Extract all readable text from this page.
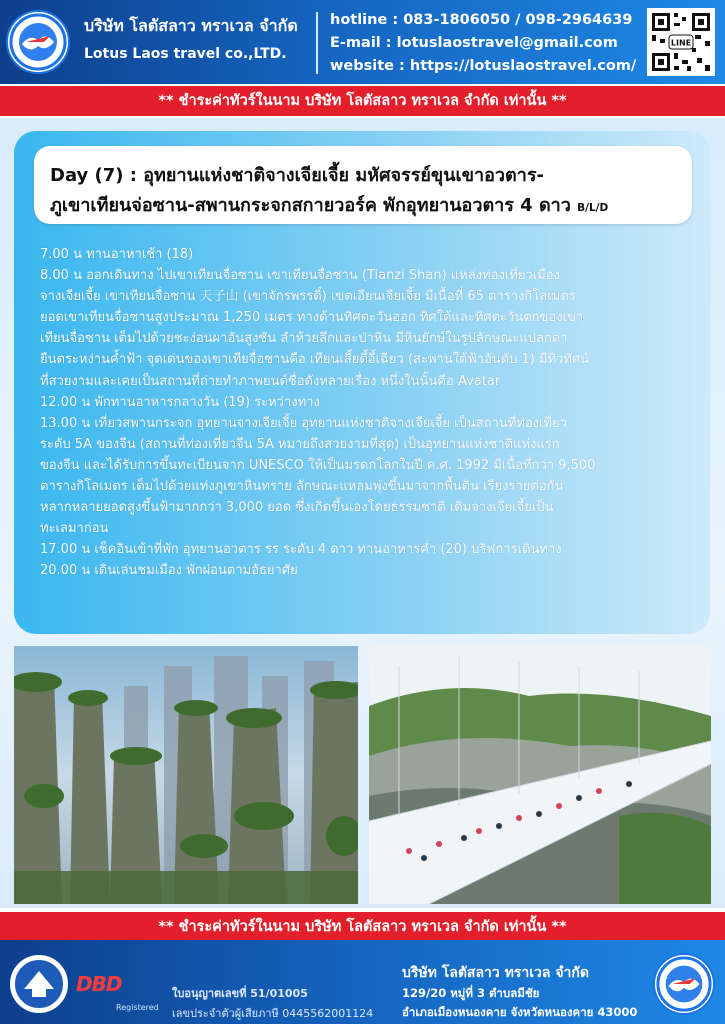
บริษัท โลตัสลาว ทราเวล จำกัด
Lotus Laos travel co.,LTD.
hotline : 083-1806050 / 098-2964639
E-mail : lotuslaostravel@gmail.com
website : https://lotuslaostravel.com/
LINE
** ชำระค่าทัวร์ในนาม บริษัท โลตัสลาว ทราเวล จำกัด เท่านั้น **
Day (7) : อุทยานแห่งชาติจางเจียเจี้ย มหัศจรรย์ขุนเขาอวตาร-
ภูเขาเทียนจ่อซาน-สพานกระจกสกายวอร์ค พักอุทยานอวตาร 4 ดาว B/L/D
7.00 น ทานอาหาเช้า (18)
8.00 น ออกเดินทาง ไปเขาเทียนจื่อซาน เขาเทียนจื่อซาน (Tianzi Shan) แหล่งท่องเที่ยวเมือง
จางเจียเจี้ย เขาเทียนจื่อซาน 天子山 (เขาจักรพรรดิ์) เขตเอียนเจียเจี้ย มีเนื้อที่ 65 ตารางกิโลเมตร
ยอดเขาเทียนจื่อซานสูงประมาณ 1,250 เมตร ทางด้านทิศตะวันออก ทิศใต้และทิศตะวันตกของเขา
เทียนจื่อซาน เต็มไปด้วยชะง่อนผาอันสูงชัน ลำห้วยลึกและป่าหิน มีหินยักษ์ในรูปลักษณะแปลกตา
ยืนตระหง่านค้ำฟ้า จุดเด่นของเขาเทียจื่อซานคือ เทียนเสี้ยตี้อี้เฉียว (สะพานใต้ฟ้าอันดับ 1) มีทิวทัศน์
ที่สวยงามและเคยเป็นสถานที่ถ่ายทำภาพยนต์ชื่อดังหลายเรื่อง หนึ่งในนั้นคือ Avatar
12.00 น พักทานอาหารกลางวัน (19) ระหว่างทาง
13.00 น เที่ยวสพานกระจก อุทยานจางเจียเจี้ย อุทยานแห่งชาติจางเจียเจี้ย เป็นสถานที่ท่องเที่ยว
ระดับ 5A ของจีน (สถานที่ท่องเที่ยวจีน 5A หมายถึงสวยงามที่สุด) เป็นอุทยานแห่งชาติแห่งแรก
ของจีน และได้รับการขึ้นทะเบียนจาก UNESCO ให้เป็นมรดกโลกในปี ค.ศ. 1992 มีเนื้อที่กว่า 9,500
ตารางกิโลเมตร เต็มไปด้วยแท่งภูเขาหินทราย ลักษณะแหลมพุ่งขึ้นมาจากพื้นดิน เรียงรายต่อกัน
หลากหลายยอดสูงขึ้นฟ้ามากกว่า 3,000 ยอด ซึ่งเกิดขึ้นเองโดยธรรมชาติ เดิมจางเจียเจี้ยเป็น
ทะเลมาก่อน
17.00 น เช็คอินเข้าที่พัก อุทยานอวตาร รร ระดับ 4 ดาว ทานอาหารค่ำ (20) บริฟการเดินทาง
20.00 น เดินเล่นชมเมือง พักผ่อนตามอัธยาศัย
** ชำระค่าทัวร์ในนาม บริษัท โลตัสลาว ทราเวล จำกัด เท่านั้น **
DBD
Registered
ใบอนุญาตเลขที่ 51/01005
เลขประจำตัวผู้เสียภาษี 0445562001124
บริษัท โลตัสลาว ทราเวล จำกัด
129/20 หมู่ที่ 3 ตำบลมีชัย
อำเภอเมืองหนองคาย จังหวัดหนองคาย 43000
